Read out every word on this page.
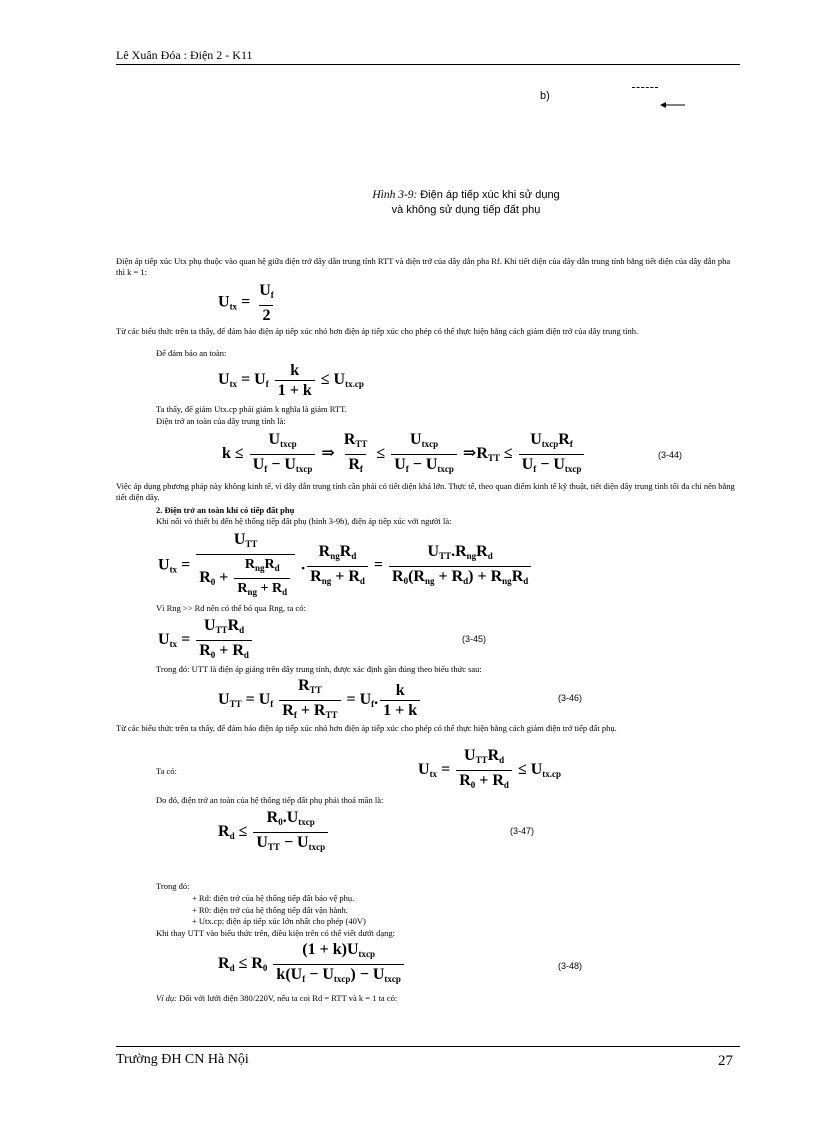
Lê Xuân Đóa : Điện 2 - K11
b)
Hình 3-9: Điện áp tiếp xúc khi sử dụng
và không sử dụng tiếp đất phụ
Điện áp tiếp xúc Utx phụ thuộc vào quan hệ giữa điện trở dây dẫn trung tính RTT và điện trở của dây dẫn pha Rf. Khi tiết diện của dây dẫn trung tính bằng tiết diện của dây dẫn pha thì k = 1:
$U_{tx} = \frac{U_f}{2}$
Từ các biểu thức trên ta thấy, để đảm bảo điện áp tiếp xúc nhỏ hơn điện áp tiếp xúc cho phép có thể thực hiện bằng cách giảm điện trở của dây trung tính.
Để đảm bảo an toàn:
$U_{tx} = U_f \frac{k}{1 + k} \le U_{tx.cp}$
Ta thấy, để giảm Utx.cp phải giảm k nghĩa là giảm RTT.
Điện trở an toàn của dây trung tính là:
$k \le \frac{U_{txcp}}{U_f - U_{txcp}}$ ⇒ $\frac{R_{TT}}{R_f} \le \frac{U_{txcp}}{U_f - U_{txcp}}$ $\Rightarrow R_{TT} \le \frac{U_{txcp}R_f}{U_f - U_{txcp}}$	(3-44)
Việc áp dụng phương pháp này không kinh tế, vì dây dẫn trung tính cần phải có tiết diện khá lớn. Thực tế, theo quan điểm kinh tế kỹ thuật, tiết diện dây trung tính tối đa chỉ nên bằng tiết diện dây.
2. Điện trở an toàn khi có tiếp đất phụ
Khi nối vỏ thiết bị đến hệ thống tiếp đất phụ (hình 3-9b), điện áp tiếp xúc với người là:
$U_{tx} = \frac{U_{TT}}{R_0 + \frac{R_{ng}R_d}{R_{ng} + R_d}}$ . $\frac{R_{ng}R_d}{R_{ng} + R_d} = \frac{U_{TT}.R_{ng}R_d}{R_0(R_{ng} + R_d) + R_{ng}R_d}$
Vì Rng >> Rd nên có thể bỏ qua Rng, ta có:
$U_{tx} = \frac{U_{TT}R_d}{R_0 + R_d}$	(3-45)
Trong đó: UTT là điện áp giáng trên dây trung tính, được xác định gần đúng theo biểu thức sau:
$U_{TT} = U_f \frac{R_{TT}}{R_f + R_{TT}} = U_f$. $\frac{k}{1 + k}$	(3-46)
Từ các biểu thức trên ta thấy, để đảm bảo điện áp tiếp xúc nhỏ hơn điện áp tiếp xúc cho phép có thể thực hiện bằng cách giảm điện trở tiếp đất phụ.
Ta có:	$U_{tx} = \frac{U_{TT}R_d}{R_0 + R_d} \le U_{tx.cp}$
Do đó, điện trở an toàn của hệ thống tiếp đất phụ phải thoả mãn là:
$R_d \le \frac{R_0.U_{txcp}}{U_{TT} - U_{txcp}}$	(3-47)
Trong đó:
+ Rd: điện trở của hệ thống tiếp đất bảo vệ phụ.
+ R0: điện trở của hệ thống tiếp đất vận hành.
+ Utx.cp: điện áp tiếp xúc lớn nhất cho phép (40V)
Khi thay UTT vào biểu thức trên, điều kiện trên có thể viết dưới dạng:
$R_d \le R_0 \frac{(1 + k)U_{txcp}}{k(U_f - U_{txcp}) - U_{txcp}}$	(3-48)
Ví dụ: Đối với lưới điện 380/220V, nếu ta coi Rd = RTT và k = 1 ta có:
Trường ĐH CN Hà Nội	27
